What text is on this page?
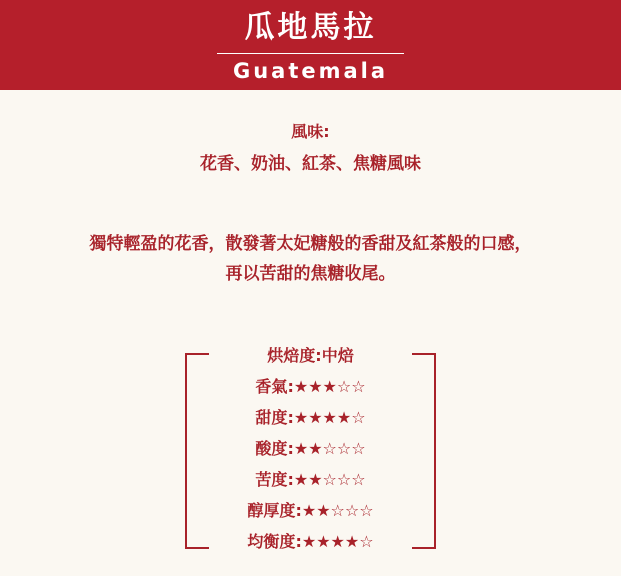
瓜地馬拉
Guatemala
風味:
花香、奶油、紅茶、焦糖風味
獨特輕盈的花香，散發著太妃糖般的香甜及紅茶般的口感，
再以苦甜的焦糖收尾。
烘焙度:中焙
香氣:★★★☆☆
甜度:★★★★☆
酸度:★★☆☆☆
苦度:★★☆☆☆
醇厚度:★★☆☆☆
均衡度:★★★★☆
